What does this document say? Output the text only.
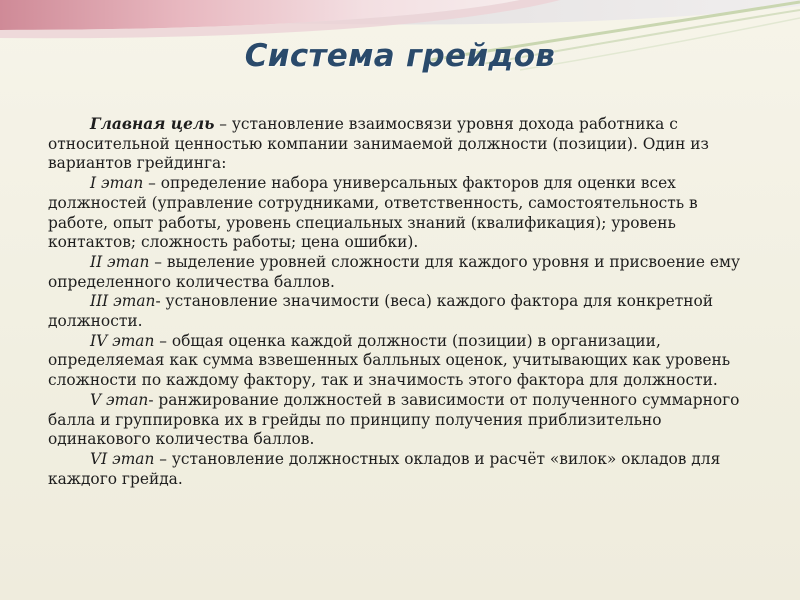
Система грейдов

Главная цель – установление взаимосвязи уровня дохода работника с относительной ценностью компании занимаемой должности (позиции). Один из вариантов грейдинга:

I этап – определение набора универсальных факторов для оценки всех должностей (управление сотрудниками, ответственность, самостоятельность в работе, опыт работы, уровень специальных знаний (квалификация); уровень контактов; сложность работы; цена ошибки).

II этап – выделение уровней сложности для каждого уровня и присвоение ему определенного количества баллов.

III этап- установление значимости (веса) каждого фактора для конкретной должности.

IV этап – общая оценка каждой должности (позиции) в организации, определяемая как сумма взвешенных балльных оценок, учитывающих как уровень сложности по каждому фактору, так и значимость этого фактора для должности.

V этап- ранжирование должностей в зависимости от полученного суммарного балла и группировка их в грейды по принципу получения приблизительно одинакового количества баллов.

VI этап – установление должностных окладов и расчёт «вилок» окладов для каждого грейда.
